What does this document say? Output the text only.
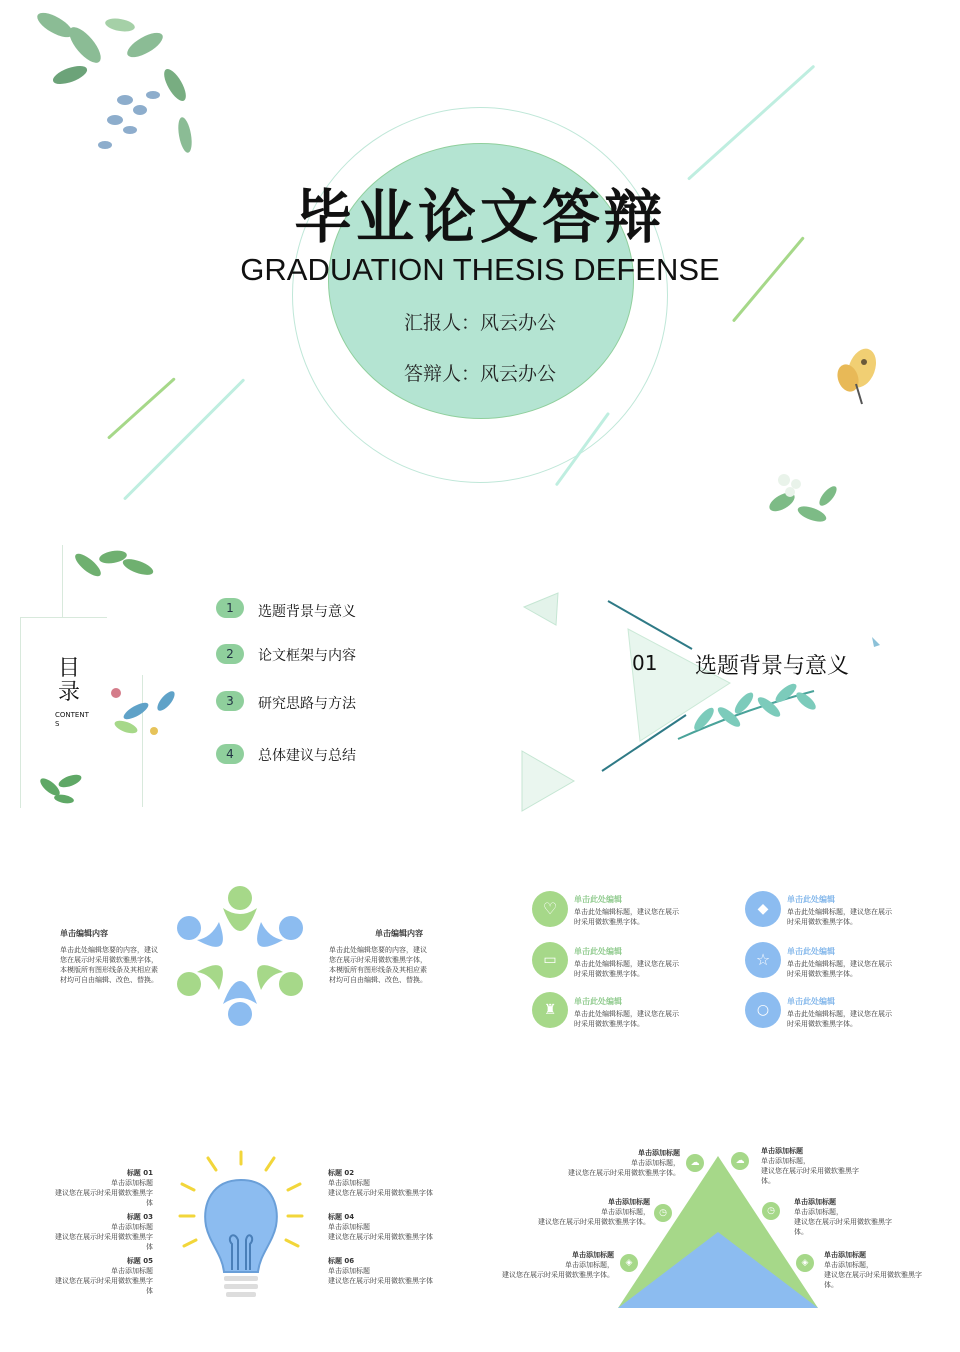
毕业论文答辩
GRADUATION THESIS DEFENSE
汇报人：风云办公
答辩人：风云办公
目录
CONTENT S
1	选题背景与意义
2	论文框架与内容
3	研究思路与方法
4	总体建议与总结
01 选题背景与意义
单击编辑内容
单击此处编辑您要的内容，建议您在展示时采用微软雅黑字体，本模版所有图形线条及其相应素材均可自由编辑、改色、替换。
单击编辑内容
单击此处编辑您要的内容，建议您在展示时采用微软雅黑字体，本模版所有图形线条及其相应素材均可自由编辑、改色、替换。
♡	单击此处编辑
单击此处编辑标题，建议您在展示时采用微软雅黑字体。
▭
单击此处编辑
单击此处编辑标题，建议您在展示时采用微软雅黑字体。
♜
单击此处编辑
单击此处编辑标题，建议您在展示时采用微软雅黑字体。
◆
单击此处编辑
单击此处编辑标题，建议您在展示时采用微软雅黑字体。
☆	单击此处编辑
单击此处编辑标题，建议您在展示时采用微软雅黑字体。
○
单击此处编辑
单击此处编辑标题，建议您在展示时采用微软雅黑字体。
标题 01
单击添加标题
建议您在展示时采用微软雅黑字
体
标题 03
单击添加标题
建议您在展示时采用微软雅黑字
体
标题 05
单击添加标题
建议您在展示时采用微软雅黑字
体
标题 02
单击添加标题
建议您在展示时采用微软雅黑字体
标题 04
单击添加标题
建议您在展示时采用微软雅黑字体
标题 06
单击添加标题
建议您在展示时采用微软雅黑字体
☁	☁
◷	◷
◈	◈
单击添加标题
单击添加标题，
建议您在展示时采用微软雅黑字体。
单击添加标题
单击添加标题，
建议您在展示时采用微软雅黑字体。
单击添加标题
单击添加标题，
建议您在展示时采用微软雅黑字体。
单击添加标题
单击添加标题，
建议您在展示时采用微软雅黑字
体。
单击添加标题
单击添加标题，
建议您在展示时采用微软雅黑字
体。
单击添加标题
单击添加标题，
建议您在展示时采用微软雅黑字
体。
